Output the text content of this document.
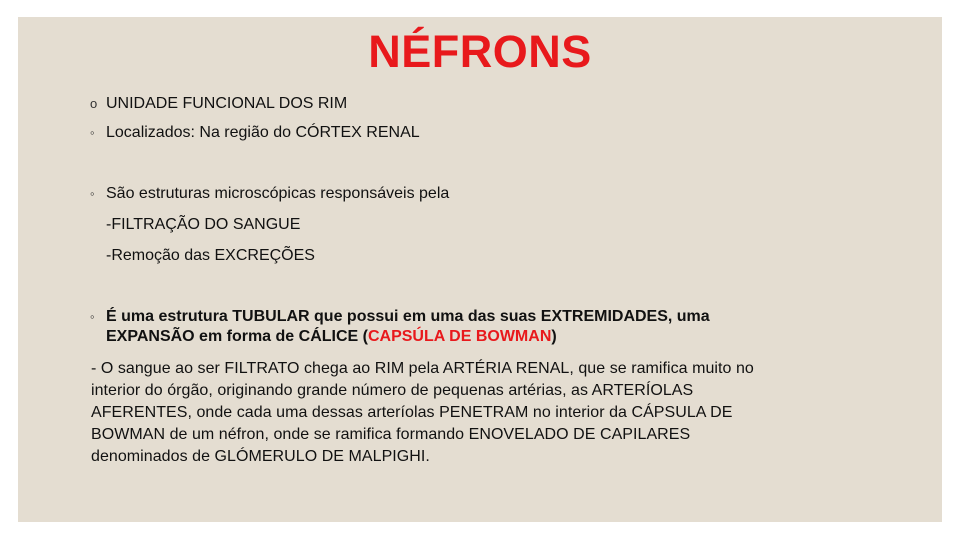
NÉFRONS
o UNIDADE FUNCIONAL DOS RIM
◦ Localizados: Na região do CÓRTEX RENAL
◦ São estruturas microscópicas responsáveis pela
-FILTRAÇÃO DO SANGUE
-Remoção das EXCREÇÕES
◦ É uma estrutura TUBULAR que possui em uma das suas EXTREMIDADES, uma
EXPANSÃO em forma de CÁLICE (CAPSÚLA DE BOWMAN)
- O sangue ao ser FILTRATO chega ao RIM pela ARTÉRIA RENAL, que se ramifica muito no
interior do órgão, originando grande número de pequenas artérias, as ARTERÍOLAS
AFERENTES, onde cada uma dessas arteríolas PENETRAM no interior da CÁPSULA DE
BOWMAN de um néfron, onde se ramifica formando ENOVELADO DE CAPILARES
denominados de GLÓMERULO DE MALPIGHI.
